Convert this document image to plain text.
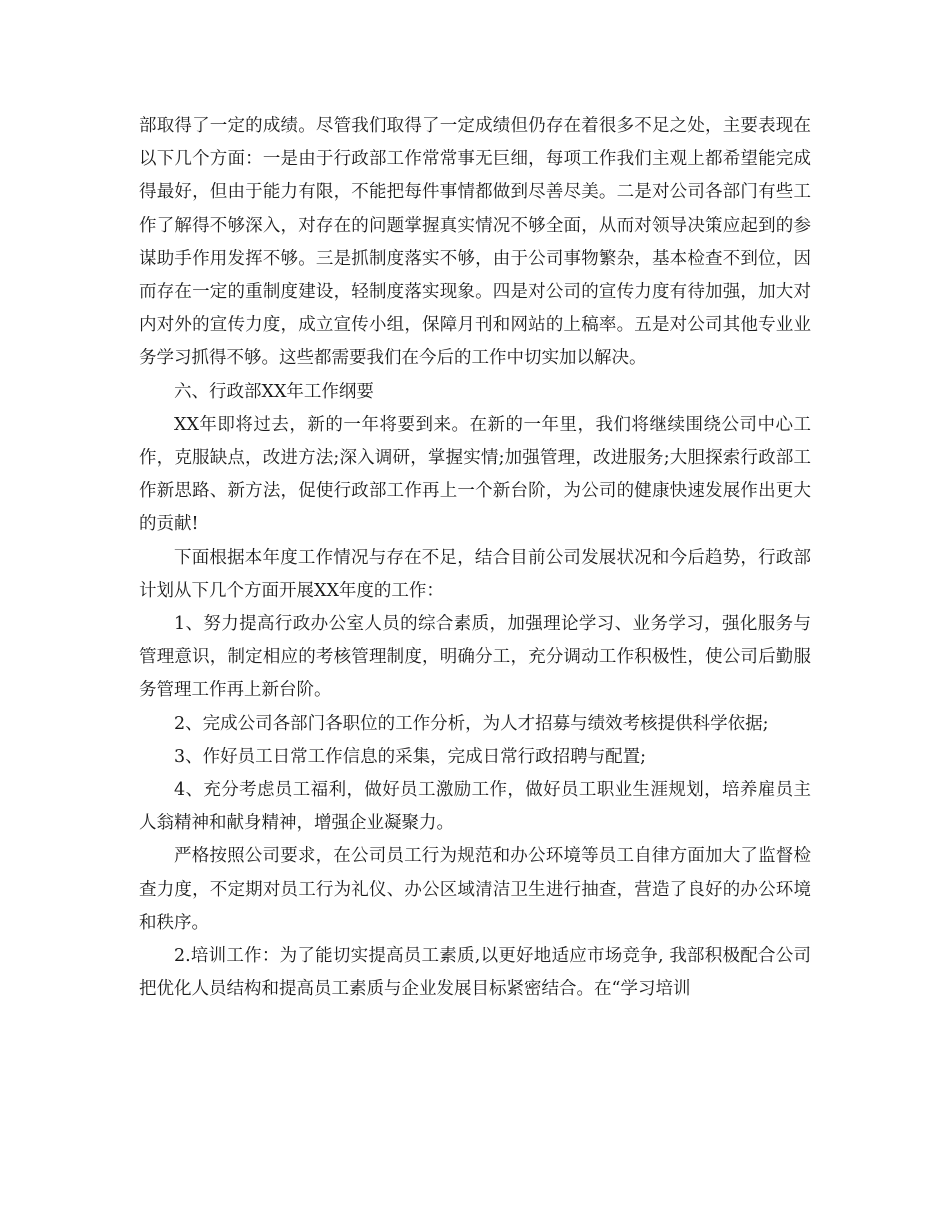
部取得了一定的成绩。尽管我们取得了一定成绩但仍存在着很多不足之处，主要表现在以下几个方面：一是由于行政部工作常常事无巨细，每项工作我们主观上都希望能完成得最好，但由于能力有限，不能把每件事情都做到尽善尽美。二是对公司各部门有些工作了解得不够深入，对存在的问题掌握真实情况不够全面，从而对领导决策应起到的参谋助手作用发挥不够。三是抓制度落实不够，由于公司事物繁杂，基本检查不到位，因而存在一定的重制度建设，轻制度落实现象。四是对公司的宣传力度有待加强，加大对内对外的宣传力度，成立宣传小组，保障月刊和网站的上稿率。五是对公司其他专业业务学习抓得不够。这些都需要我们在今后的工作中切实加以解决。

六、行政部XX年工作纲要

XX年即将过去，新的一年将要到来。在新的一年里，我们将继续围绕公司中心工作，克服缺点，改进方法;深入调研，掌握实情;加强管理，改进服务;大胆探索行政部工作新思路、新方法，促使行政部工作再上一个新台阶，为公司的健康快速发展作出更大的贡献!

下面根据本年度工作情况与存在不足，结合目前公司发展状况和今后趋势，行政部计划从下几个方面开展XX年度的工作：

1、努力提高行政办公室人员的综合素质，加强理论学习、业务学习，强化服务与管理意识，制定相应的考核管理制度，明确分工，充分调动工作积极性，使公司后勤服务管理工作再上新台阶。

2、完成公司各部门各职位的工作分析，为人才招募与绩效考核提供科学依据;

3、作好员工日常工作信息的采集，完成日常行政招聘与配置;

4、充分考虑员工福利，做好员工激励工作，做好员工职业生涯规划，培养雇员主人翁精神和献身精神，增强企业凝聚力。

严格按照公司要求，在公司员工行为规范和办公环境等员工自律方面加大了监督检查力度，不定期对员工行为礼仪、办公区域清洁卫生进行抽查，营造了良好的办公环境和秩序。

2.培训工作：为了能切实提高员工素质,以更好地适应市场竞争, 我部积极配合公司把优化人员结构和提高员工素质与企业发展目标紧密结合。在“学习培训
